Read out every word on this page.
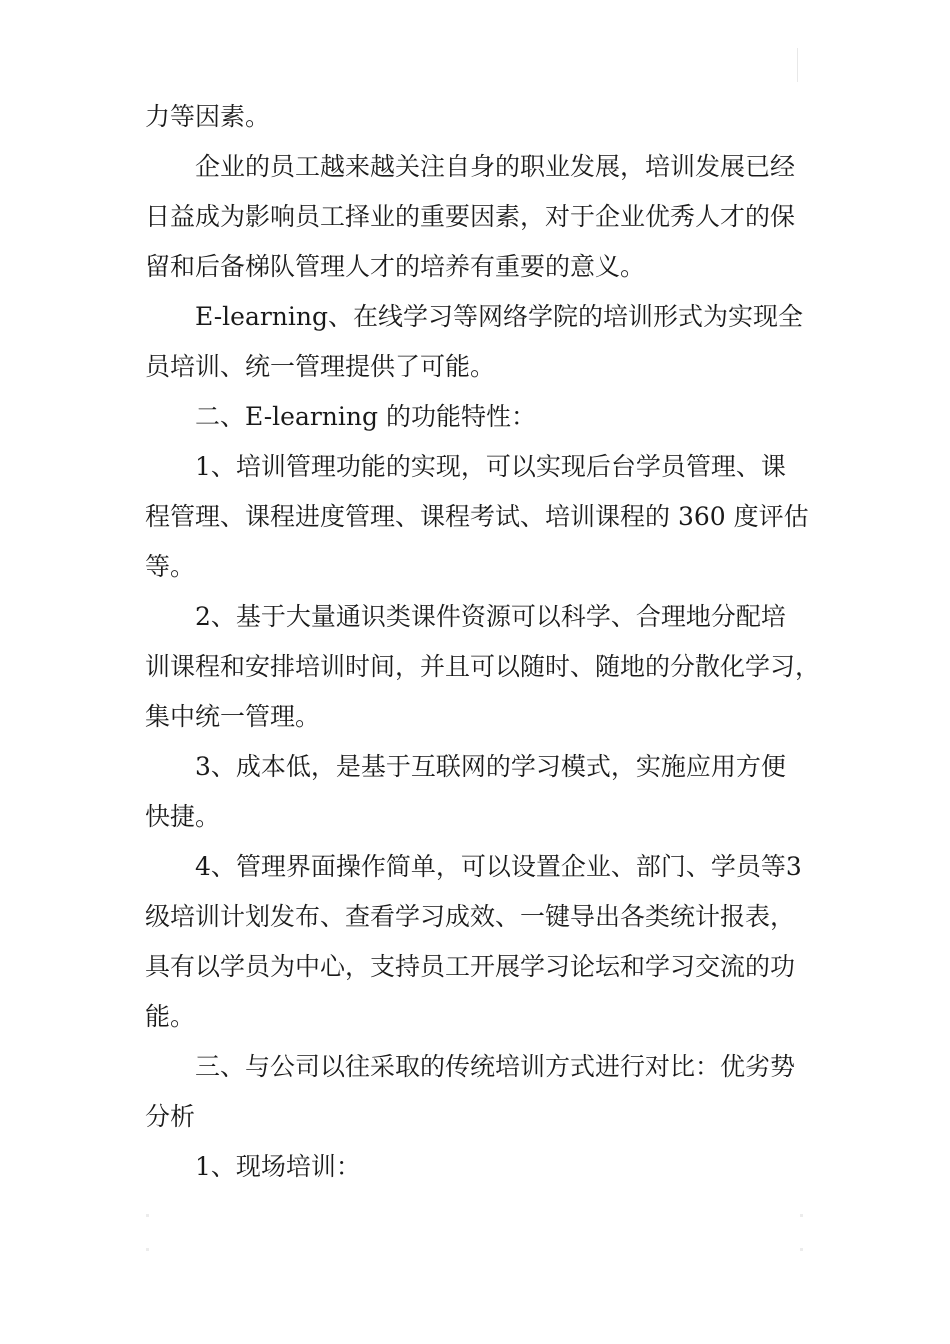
力等因素。
企业的员工越来越关注自身的职业发展，培训发展已经
日益成为影响员工择业的重要因素，对于企业优秀人才的保
留和后备梯队管理人才的培养有重要的意义。
E-learning、在线学习等网络学院的培训形式为实现全
员培训、统一管理提供了可能。
二、E-learning 的功能特性：
1、培训管理功能的实现，可以实现后台学员管理、课
程管理、课程进度管理、课程考试、培训课程的 360 度评估
等。
2、基于大量通识类课件资源可以科学、合理地分配培
训课程和安排培训时间，并且可以随时、随地的分散化学习，
集中统一管理。
3、成本低，是基于互联网的学习模式，实施应用方便
快捷。
4、管理界面操作简单，可以设置企业、部门、学员等3
级培训计划发布、查看学习成效、一键导出各类统计报表，
具有以学员为中心，支持员工开展学习论坛和学习交流的功
能。
三、与公司以往采取的传统培训方式进行对比：优劣势
分析
1、现场培训：
